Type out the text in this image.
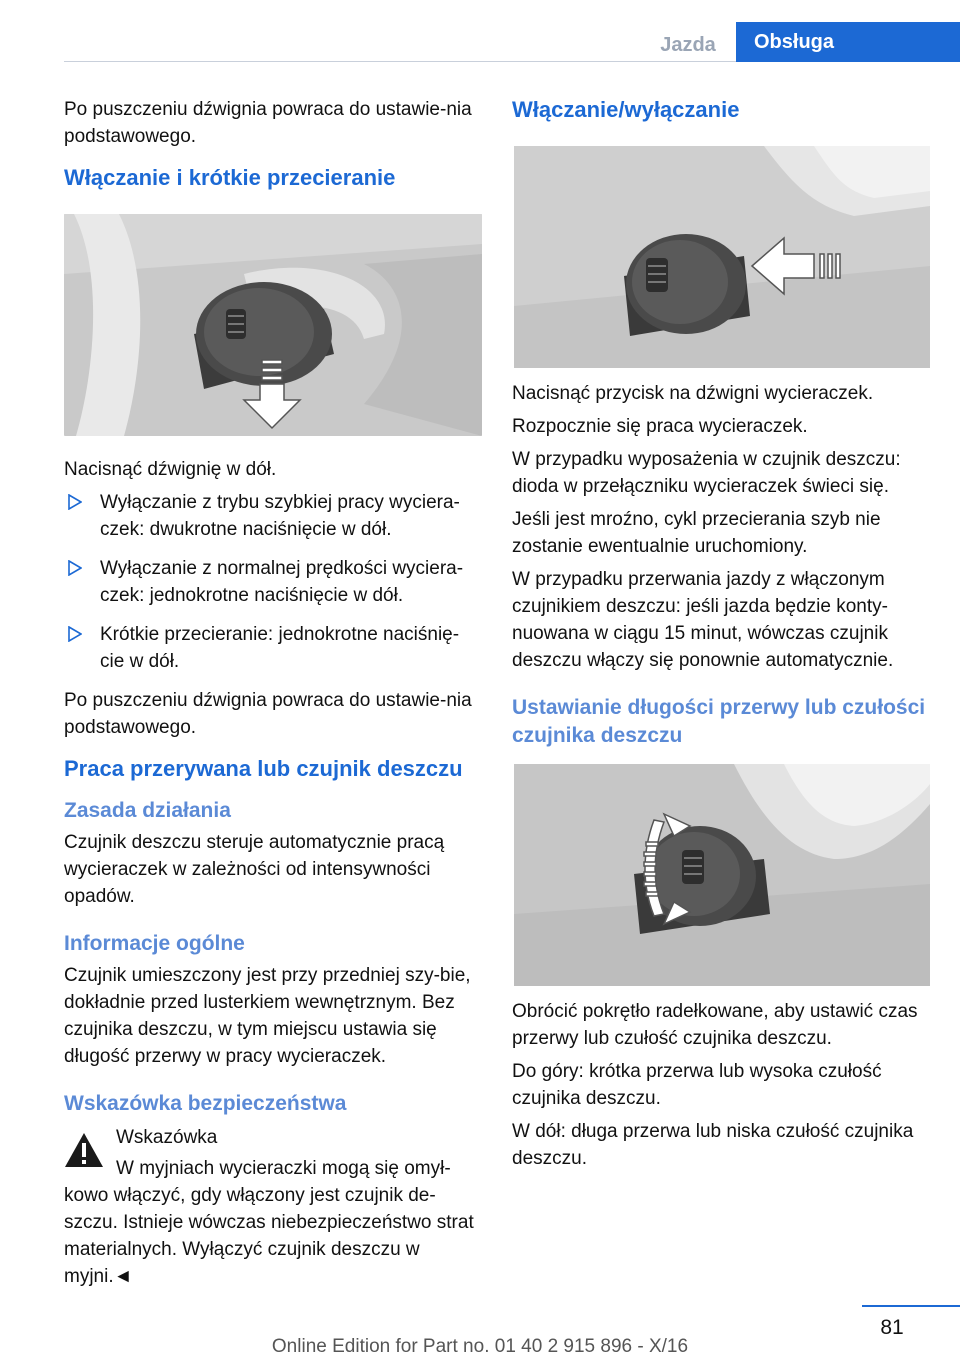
Jazda	Obsługa

Po puszczeniu dźwignia powraca do ustawie-nia podstawowego.

Włączanie i krótkie przecieranie

Nacisnąć dźwignię w dół.

Wyłączanie z trybu szybkiej pracy wyciera-czek: dwukrotne naciśnięcie w dół.
Wyłączanie z normalnej prędkości wyciera-czek: jednokrotne naciśnięcie w dół.
Krótkie przecieranie: jednokrotne naciśnię-cie w dół.

Po puszczeniu dźwignia powraca do ustawie-nia podstawowego.

Praca przerywana lub czujnik deszczu
Zasada działania

Czujnik deszczu steruje automatycznie pracą wycieraczek w zależności od intensywności opadów.

Informacje ogólne

Czujnik umieszczony jest przy przedniej szy-bie, dokładnie przed lusterkiem wewnętrznym. Bez czujnika deszczu, w tym miejscu ustawia się długość przerwy w pracy wycieraczek.

Wskazówka bezpieczeństwa

Wskazówka

W myjniach wycieraczki mogą się omył-kowo włączyć, gdy włączony jest czujnik de-szczu. Istnieje wówczas niebezpieczeństwo strat materialnych. Wyłączyć czujnik deszczu w myjni.◄

Włączanie/wyłączanie

Nacisnąć przycisk na dźwigni wycieraczek.

Rozpocznie się praca wycieraczek.

W przypadku wyposażenia w czujnik deszczu: dioda w przełączniku wycieraczek świeci się.

Jeśli jest mroźno, cykl przecierania szyb nie zostanie ewentualnie uruchomiony.

W przypadku przerwania jazdy z włączonym czujnikiem deszczu: jeśli jazda będzie konty-nuowana w ciągu 15 minut, wówczas czujnik deszczu włączy się ponownie automatycznie.

Ustawianie długości przerwy lub czułości czujnika deszczu

Obrócić pokrętło radełkowane, aby ustawić czas przerwy lub czułość czujnika deszczu.

Do góry: krótka przerwa lub wysoka czułość czujnika deszczu.

W dół: długa przerwa lub niska czułość czujnika deszczu.

81
Online Edition for Part no. 01 40 2 915 896 - X/16
